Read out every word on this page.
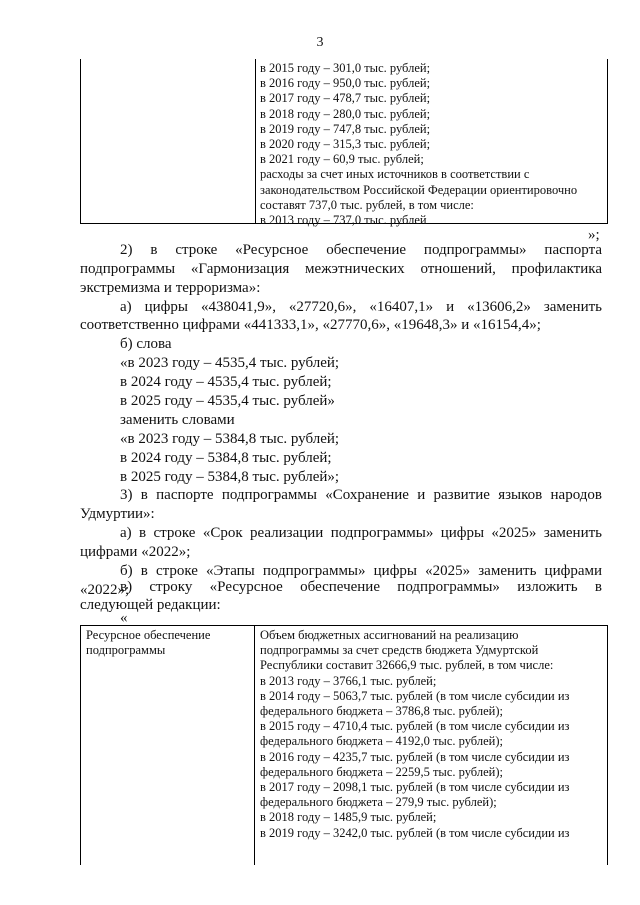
3
в 2015 году – 301,0 тыс. рублей;
в 2016 году – 950,0 тыс. рублей;
в 2017 году – 478,7 тыс. рублей;
в 2018 году – 280,0 тыс. рублей;
в 2019 году – 747,8 тыс. рублей;
в 2020 году – 315,3 тыс. рублей;
в 2021 году – 60,9 тыс. рублей;
расходы за счет иных источников в соответствии с
законодательством Российской Федерации ориентировочно
составят 737,0 тыс. рублей, в том числе:
в 2013 году – 737,0 тыс. рублей
»;
2) в строке «Ресурсное обеспечение подпрограммы» паспорта
подпрограммы «Гармонизация межэтнических отношений, профилактика
экстремизма и терроризма»:
а) цифры «438041,9», «27720,6», «16407,1» и «13606,2» заменить
соответственно цифрами «441333,1», «27770,6», «19648,3» и «16154,4»;
б) слова
«в 2023 году – 4535,4 тыс. рублей;
в 2024 году – 4535,4 тыс. рублей;
в 2025 году – 4535,4 тыс. рублей»
заменить словами
«в 2023 году – 5384,8 тыс. рублей;
в 2024 году – 5384,8 тыс. рублей;
в 2025 году – 5384,8 тыс. рублей»;
3) в паспорте подпрограммы «Сохранение и развитие языков народов
Удмуртии»:
а) в строке «Срок реализации подпрограммы» цифры «2025» заменить
цифрами «2022»;
б) в строке «Этапы подпрограммы» цифры «2025» заменить цифрами
«2022»;
в) строку «Ресурсное обеспечение подпрограммы» изложить в
следующей редакции:
«
Ресурсное обеспечение
подпрограммы
Объем бюджетных ассигнований на реализацию
подпрограммы за счет средств бюджета Удмуртской
Республики составит 32666,9 тыс. рублей, в том числе:
в 2013 году – 3766,1 тыс. рублей;
в 2014 году – 5063,7 тыс. рублей (в том числе субсидии из
федерального бюджета – 3786,8 тыс. рублей);
в 2015 году – 4710,4 тыс. рублей (в том числе субсидии из
федерального бюджета – 4192,0 тыс. рублей);
в 2016 году – 4235,7 тыс. рублей (в том числе субсидии из
федерального бюджета – 2259,5 тыс. рублей);
в 2017 году – 2098,1 тыс. рублей (в том числе субсидии из
федерального бюджета – 279,9 тыс. рублей);
в 2018 году – 1485,9 тыс. рублей;
в 2019 году – 3242,0 тыс. рублей (в том числе субсидии из
